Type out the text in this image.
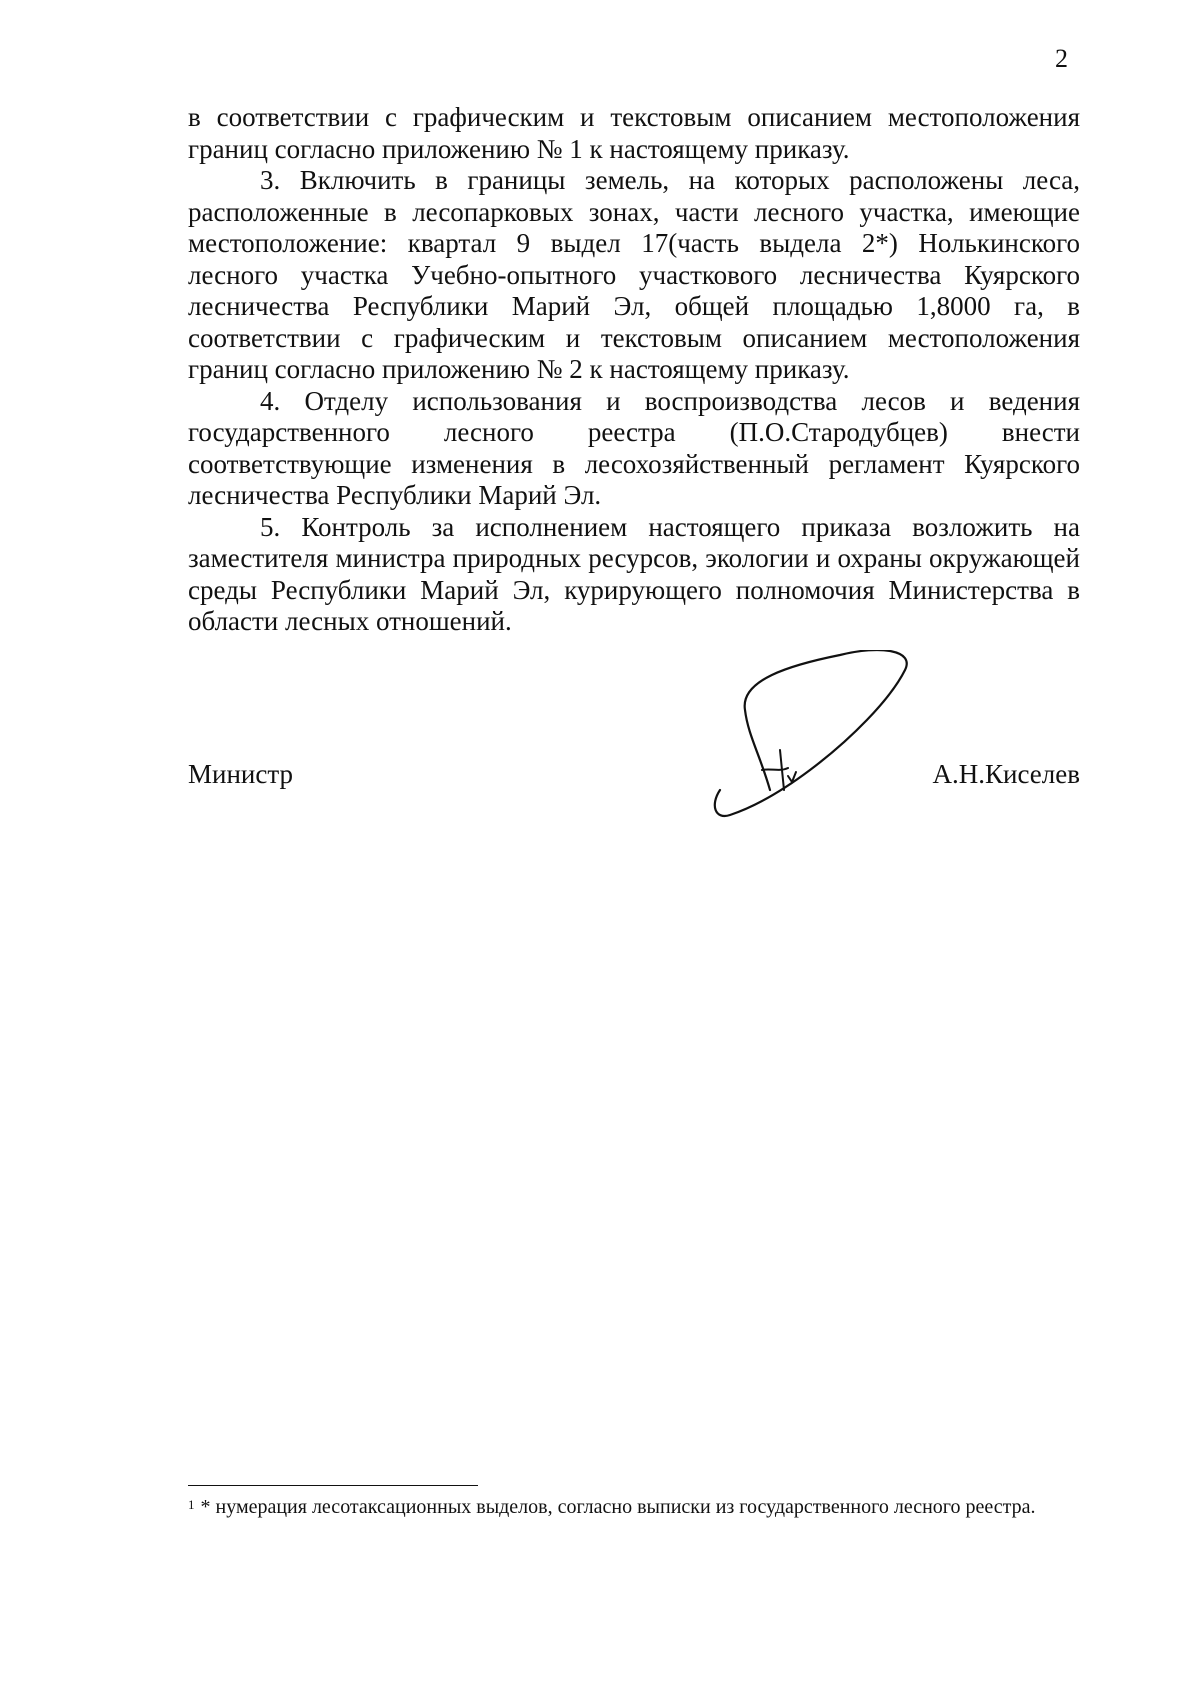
2

в соответствии с графическим и текстовым описанием местоположения границ согласно приложению № 1 к настоящему приказу.

3. Включить в границы земель, на которых расположены леса, расположенные в лесопарковых зонах, части лесного участка, имеющие местоположение: квартал 9 выдел 17(часть выдела 2*) Нолькинского лесного участка Учебно-опытного участкового лесничества Куярского лесничества Республики Марий Эл, общей площадью 1,8000 га, в соответствии с графическим и текстовым описанием местоположения границ согласно приложению № 2 к настоящему приказу.

4. Отделу использования и воспроизводства лесов и ведения государственного лесного реестра (П.О.Стародубцев) внести соответствующие изменения в лесохозяйственный регламент Куярского лесничества Республики Марий Эл.

5. Контроль за исполнением настоящего приказа возложить на заместителя министра природных ресурсов, экологии и охраны окружающей среды Республики Марий Эл, курирующего полномочия Министерства в области лесных отношений.

Министр	А.Н.Киселев
$^1$ * нумерация лесотаксационных выделов, согласно выписки из государственного лесного реестра.
